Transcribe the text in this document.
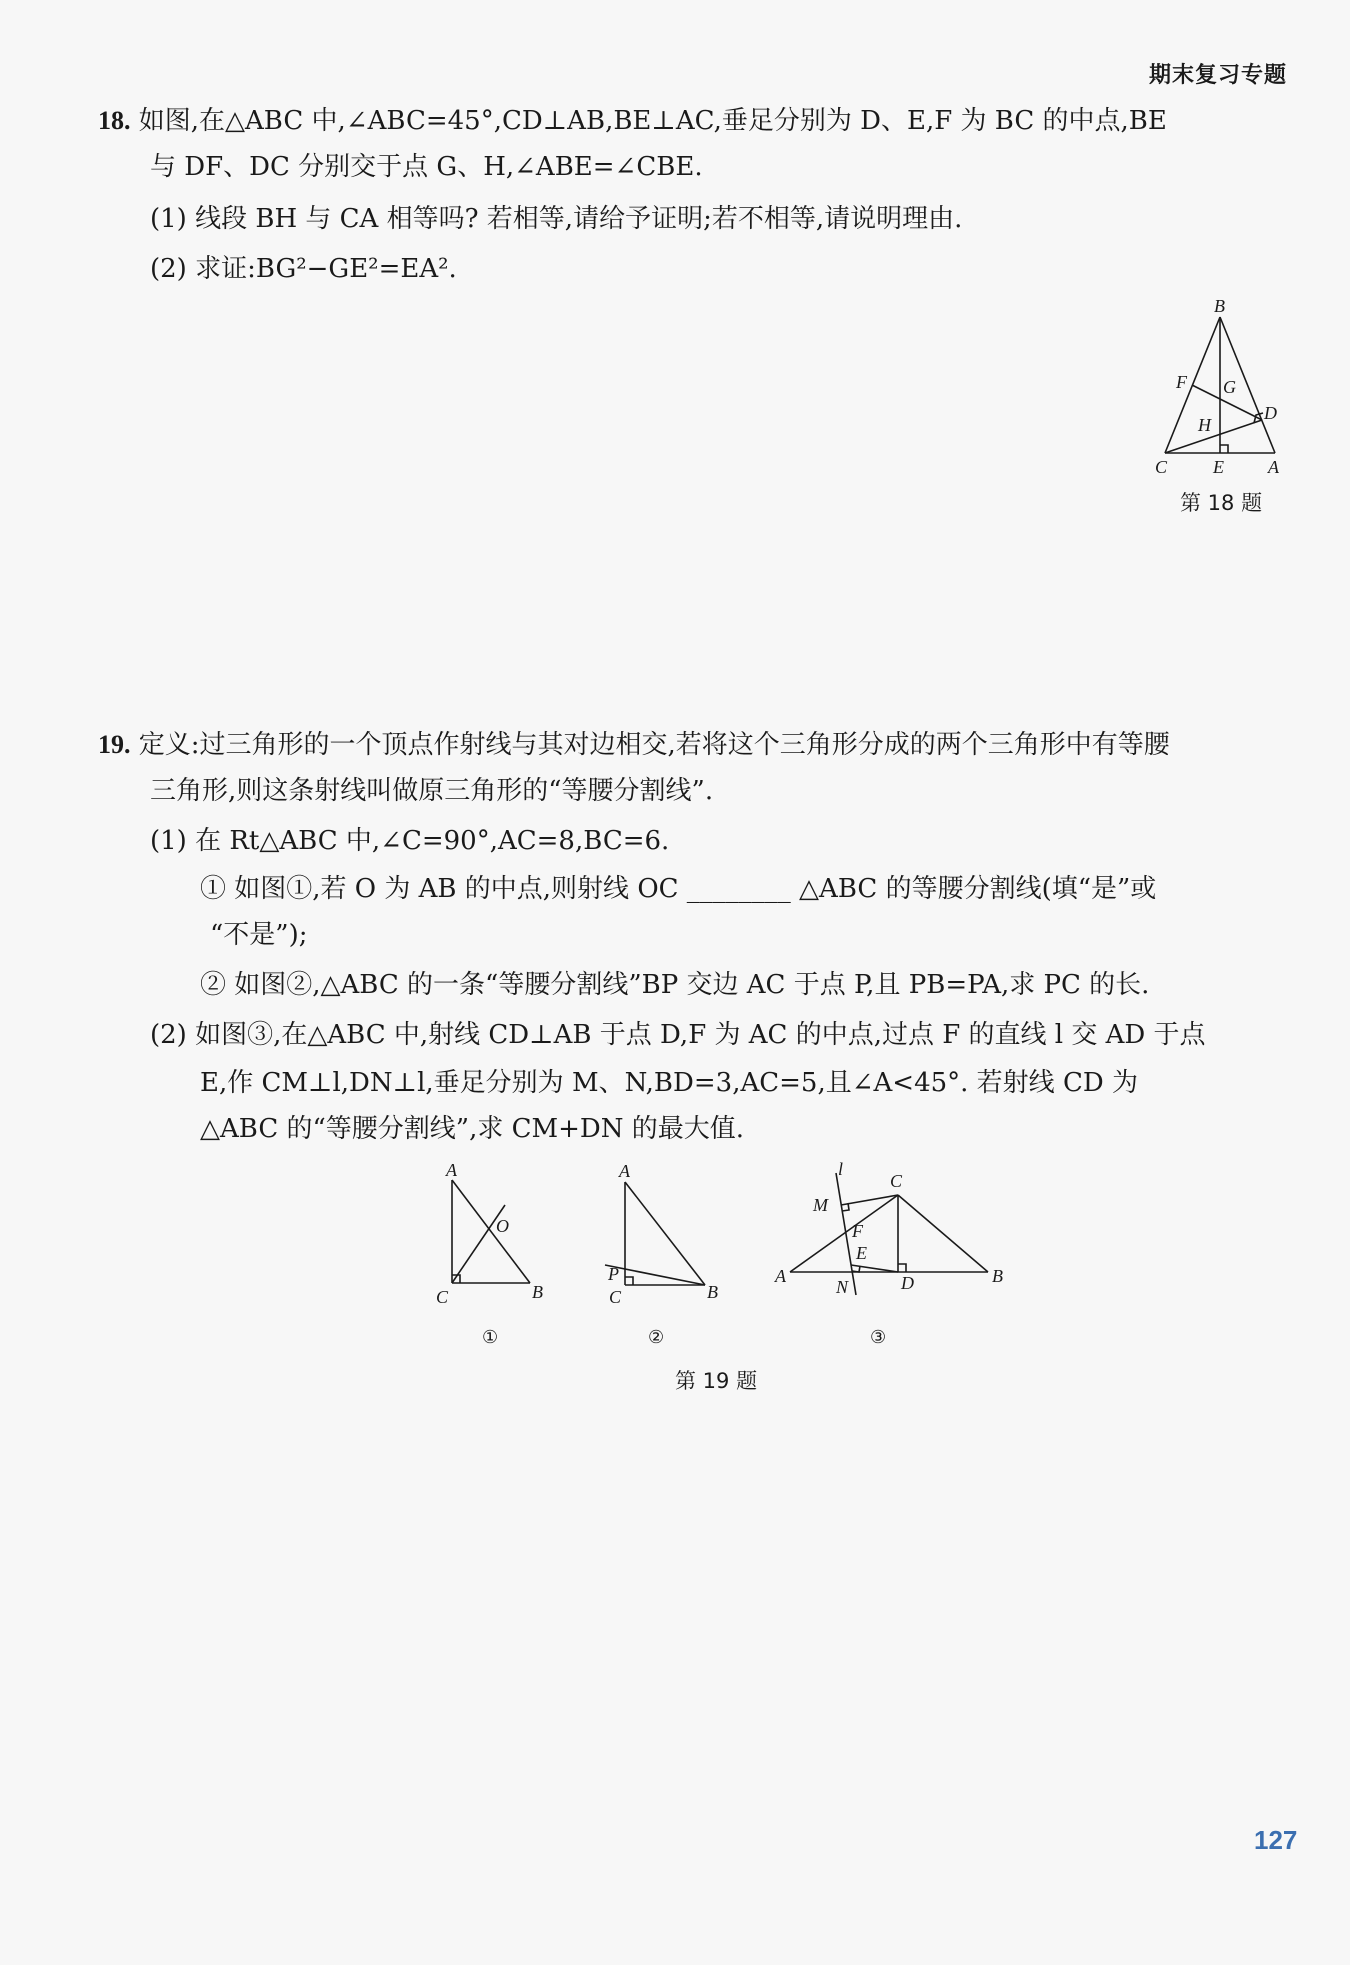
期末复习专题
18. 如图,在△ABC 中,∠ABC=45°,CD⊥AB,BE⊥AC,垂足分别为 D、E,F 为 BC 的中点,BE
与 DF、DC 分别交于点 G、H,∠ABE=∠CBE.
(1) 线段 BH 与 CA 相等吗? 若相等,请给予证明;若不相等,请说明理由.
(2) 求证:BG²−GE²=EA².
B
F G
D
H
C	E A
第 18 题
19. 定义:过三角形的一个顶点作射线与其对边相交,若将这个三角形分成的两个三角形中有等腰
三角形,则这条射线叫做原三角形的“等腰分割线”.
(1) 在 Rt△ABC 中,∠C=90°,AC=8,BC=6.
① 如图①,若 O 为 AB 的中点,则射线 OC ________ △ABC 的等腰分割线(填“是”或
“不是”);
② 如图②,△ABC 的一条“等腰分割线”BP 交边 AC 于点 P,且 PB=PA,求 PC 的长.
(2) 如图③,在△ABC 中,射线 CD⊥AB 于点 D,F 为 AC 的中点,过点 F 的直线 l 交 AD 于点
E,作 CM⊥l,DN⊥l,垂足分别为 M、N,BD=3,AC=5,且∠A<45°. 若射线 CD 为
△ABC 的“等腰分割线”,求 CM+DN 的最大值.
A
O
C	B
①
A
P
C	B
②
l
C
M
F
E
A
N	D	B
③
第 19 题
127
